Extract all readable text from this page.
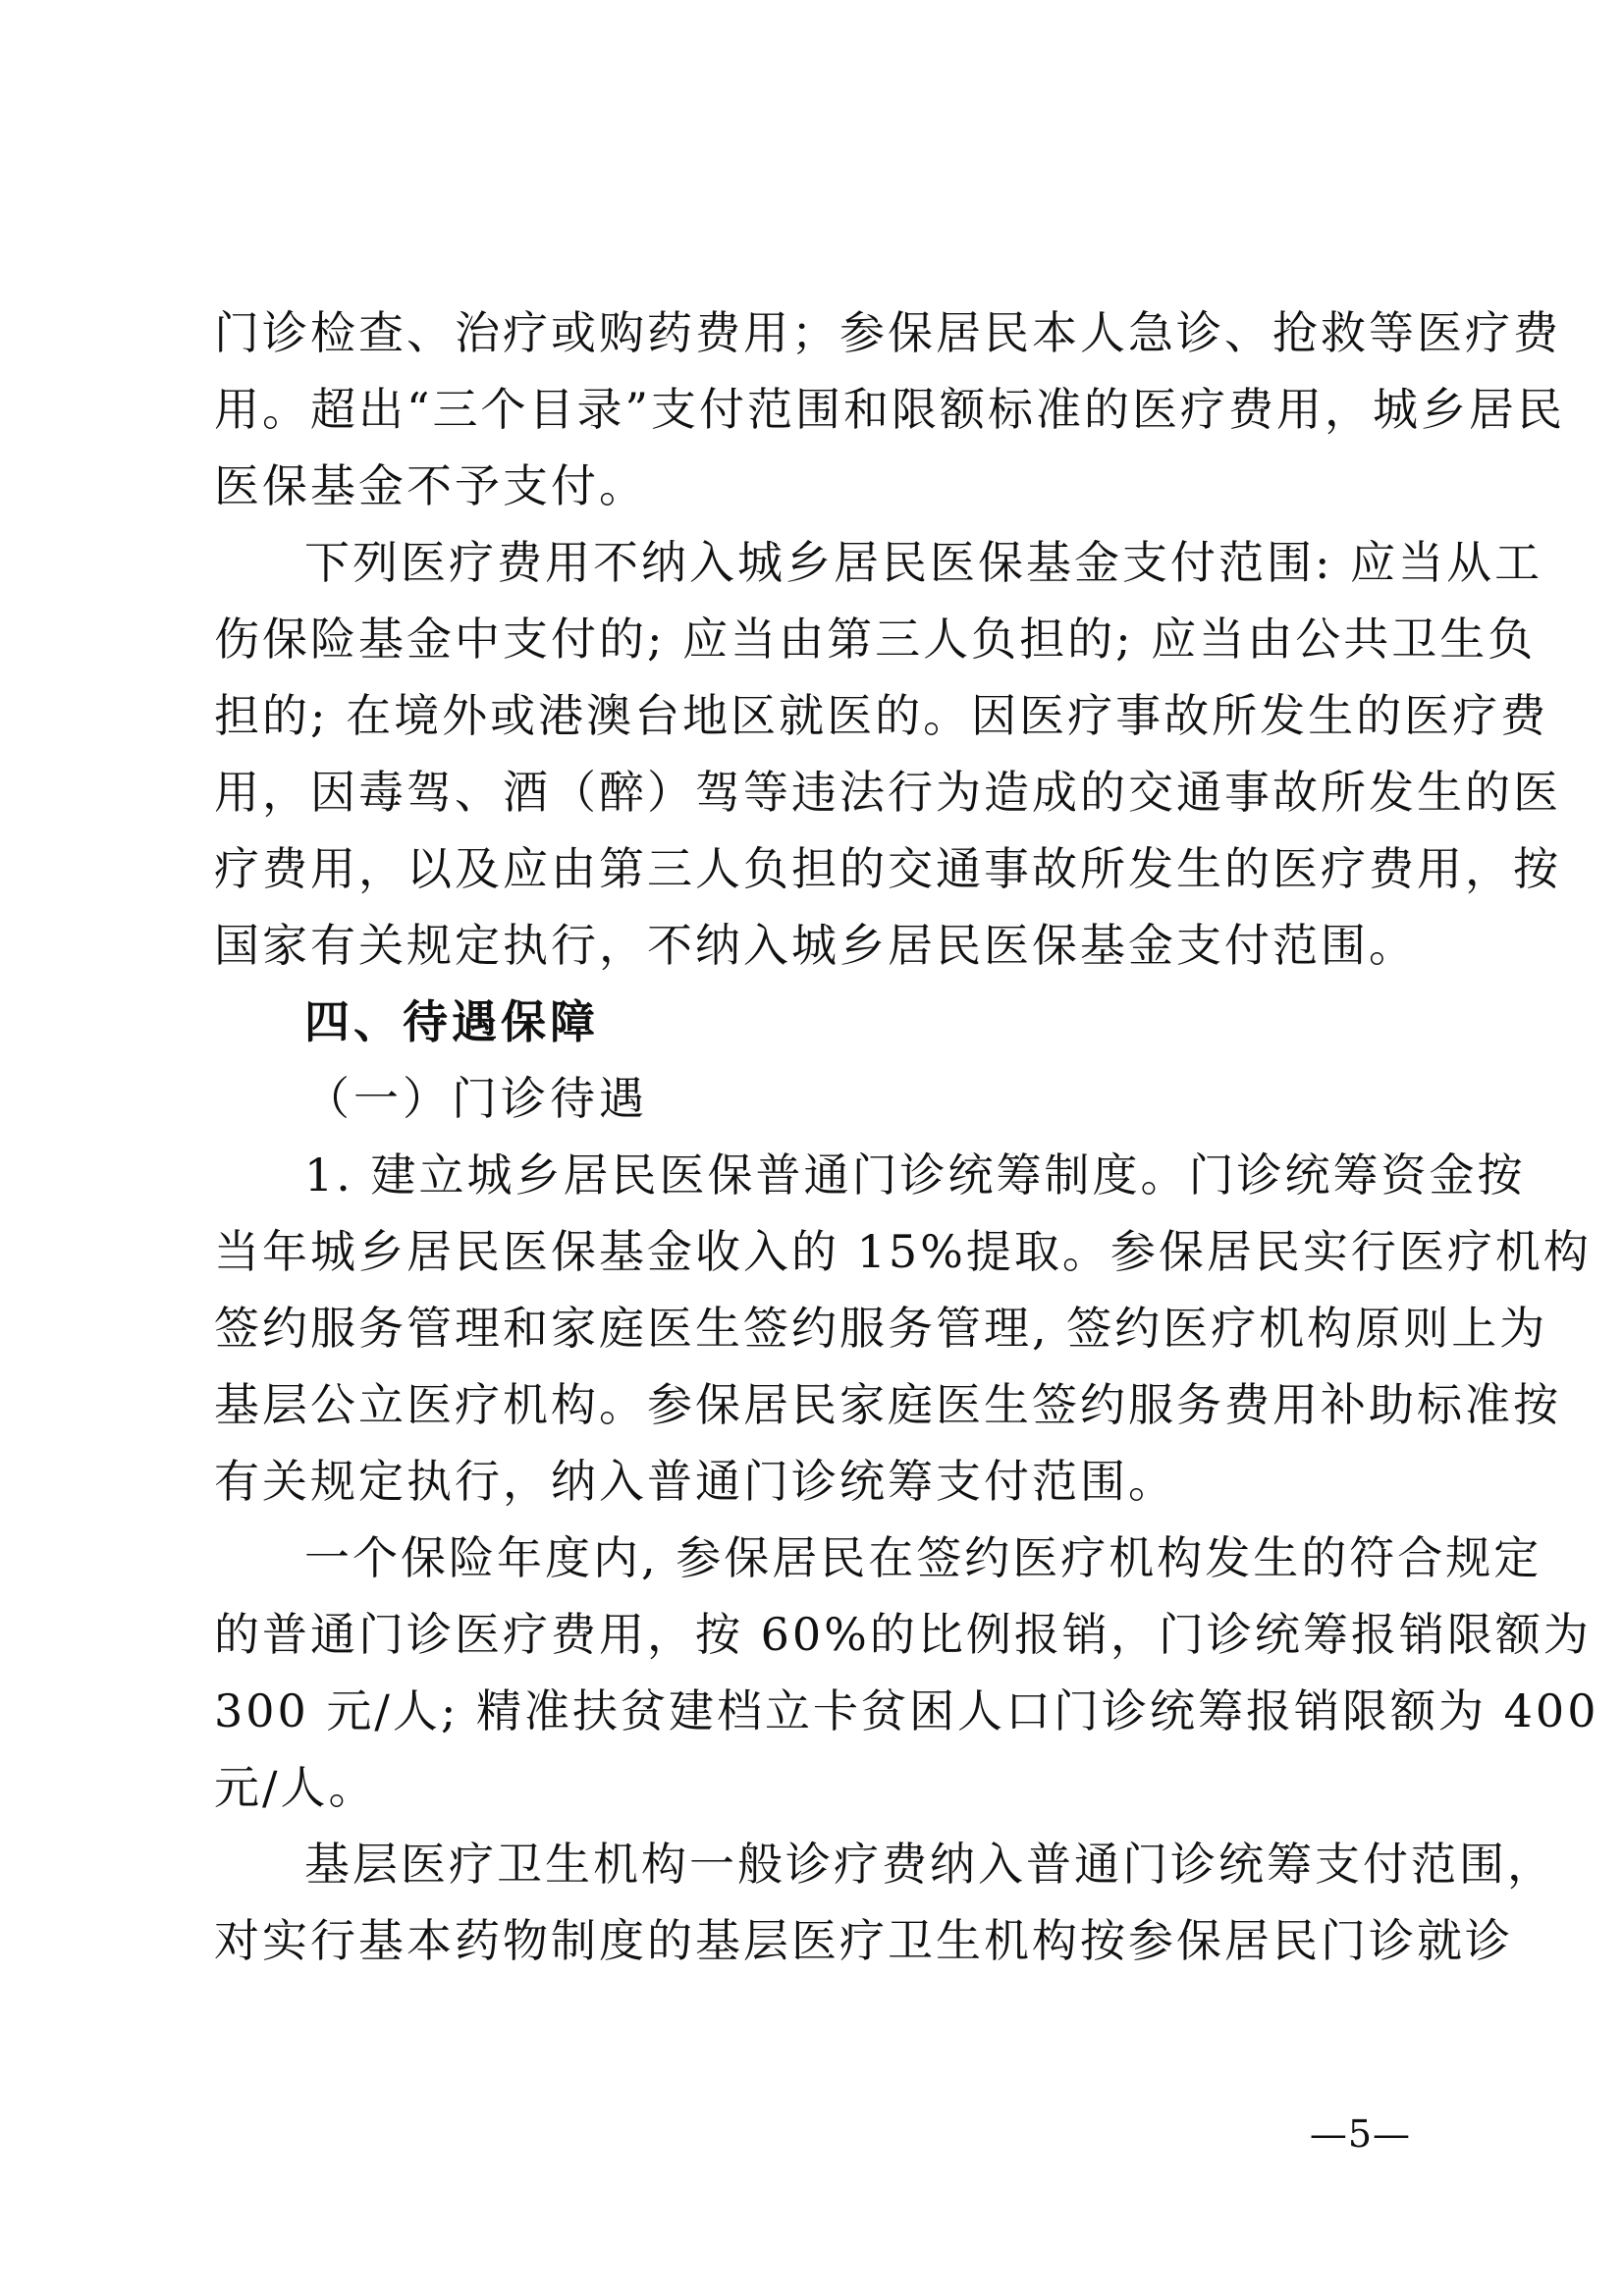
门诊检查、治疗或购药费用；参保居民本人急诊、抢救等医疗费
用。超出“三个目录”支付范围和限额标准的医疗费用，城乡居民
医保基金不予支付。
下列医疗费用不纳入城乡居民医保基金支付范围: 应当从工
伤保险基金中支付的; 应当由第三人负担的; 应当由公共卫生负
担的; 在境外或港澳台地区就医的。因医疗事故所发生的医疗费
用，因毒驾、酒（醉）驾等违法行为造成的交通事故所发生的医
疗费用，以及应由第三人负担的交通事故所发生的医疗费用，按
国家有关规定执行，不纳入城乡居民医保基金支付范围。
四、待遇保障
（一）门诊待遇
1. 建立城乡居民医保普通门诊统筹制度。门诊统筹资金按
当年城乡居民医保基金收入的 15%提取。参保居民实行医疗机构
签约服务管理和家庭医生签约服务管理, 签约医疗机构原则上为
基层公立医疗机构。参保居民家庭医生签约服务费用补助标准按
有关规定执行，纳入普通门诊统筹支付范围。
一个保险年度内, 参保居民在签约医疗机构发生的符合规定
的普通门诊医疗费用，按 60%的比例报销，门诊统筹报销限额为
300 元/人; 精准扶贫建档立卡贫困人口门诊统筹报销限额为 400
元/人。
基层医疗卫生机构一般诊疗费纳入普通门诊统筹支付范围，
对实行基本药物制度的基层医疗卫生机构按参保居民门诊就诊
—5—
